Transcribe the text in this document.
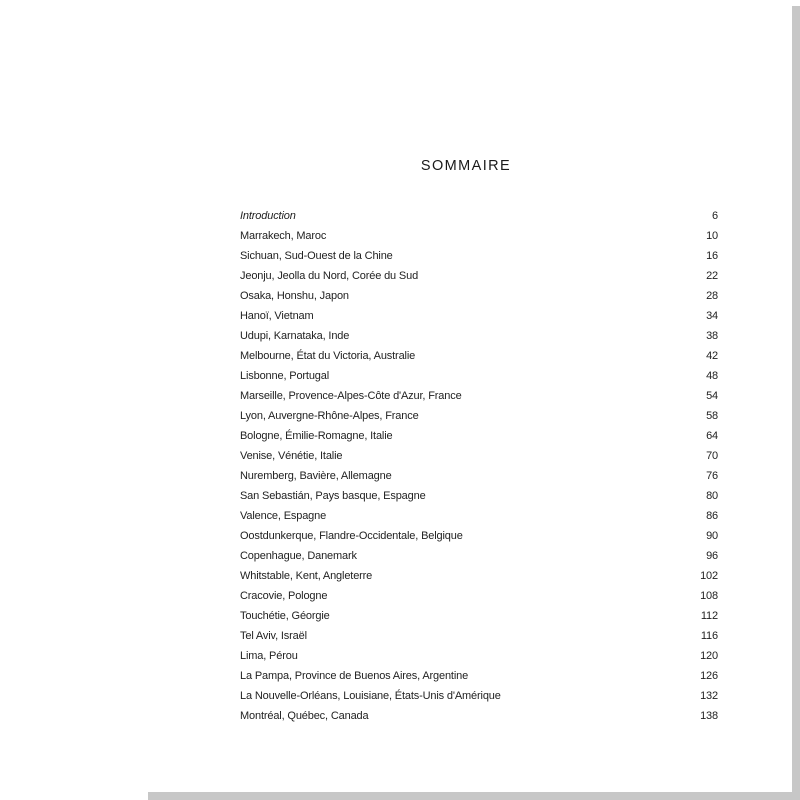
SOMMAIRE
Introduction	6
Marrakech, Maroc	10
Sichuan, Sud-Ouest de la Chine	16
Jeonju, Jeolla du Nord, Corée du Sud	22
Osaka, Honshu, Japon	28
Hanoï, Vietnam	34
Udupi, Karnataka, Inde	38
Melbourne, État du Victoria, Australie	42
Lisbonne, Portugal	48
Marseille, Provence-Alpes-Côte d'Azur, France	54
Lyon, Auvergne-Rhône-Alpes, France	58
Bologne, Émilie-Romagne, Italie	64
Venise, Vénétie, Italie	70
Nuremberg, Bavière, Allemagne	76
San Sebastián, Pays basque, Espagne	80
Valence, Espagne	86
Oostdunkerque, Flandre-Occidentale, Belgique	90
Copenhague, Danemark	96
Whitstable, Kent, Angleterre	102
Cracovie, Pologne	108
Touchétie, Géorgie	112
Tel Aviv, Israël	116
Lima, Pérou	120
La Pampa, Province de Buenos Aires, Argentine	126
La Nouvelle-Orléans, Louisiane, États-Unis d'Amérique	132
Montréal, Québec, Canada	138
